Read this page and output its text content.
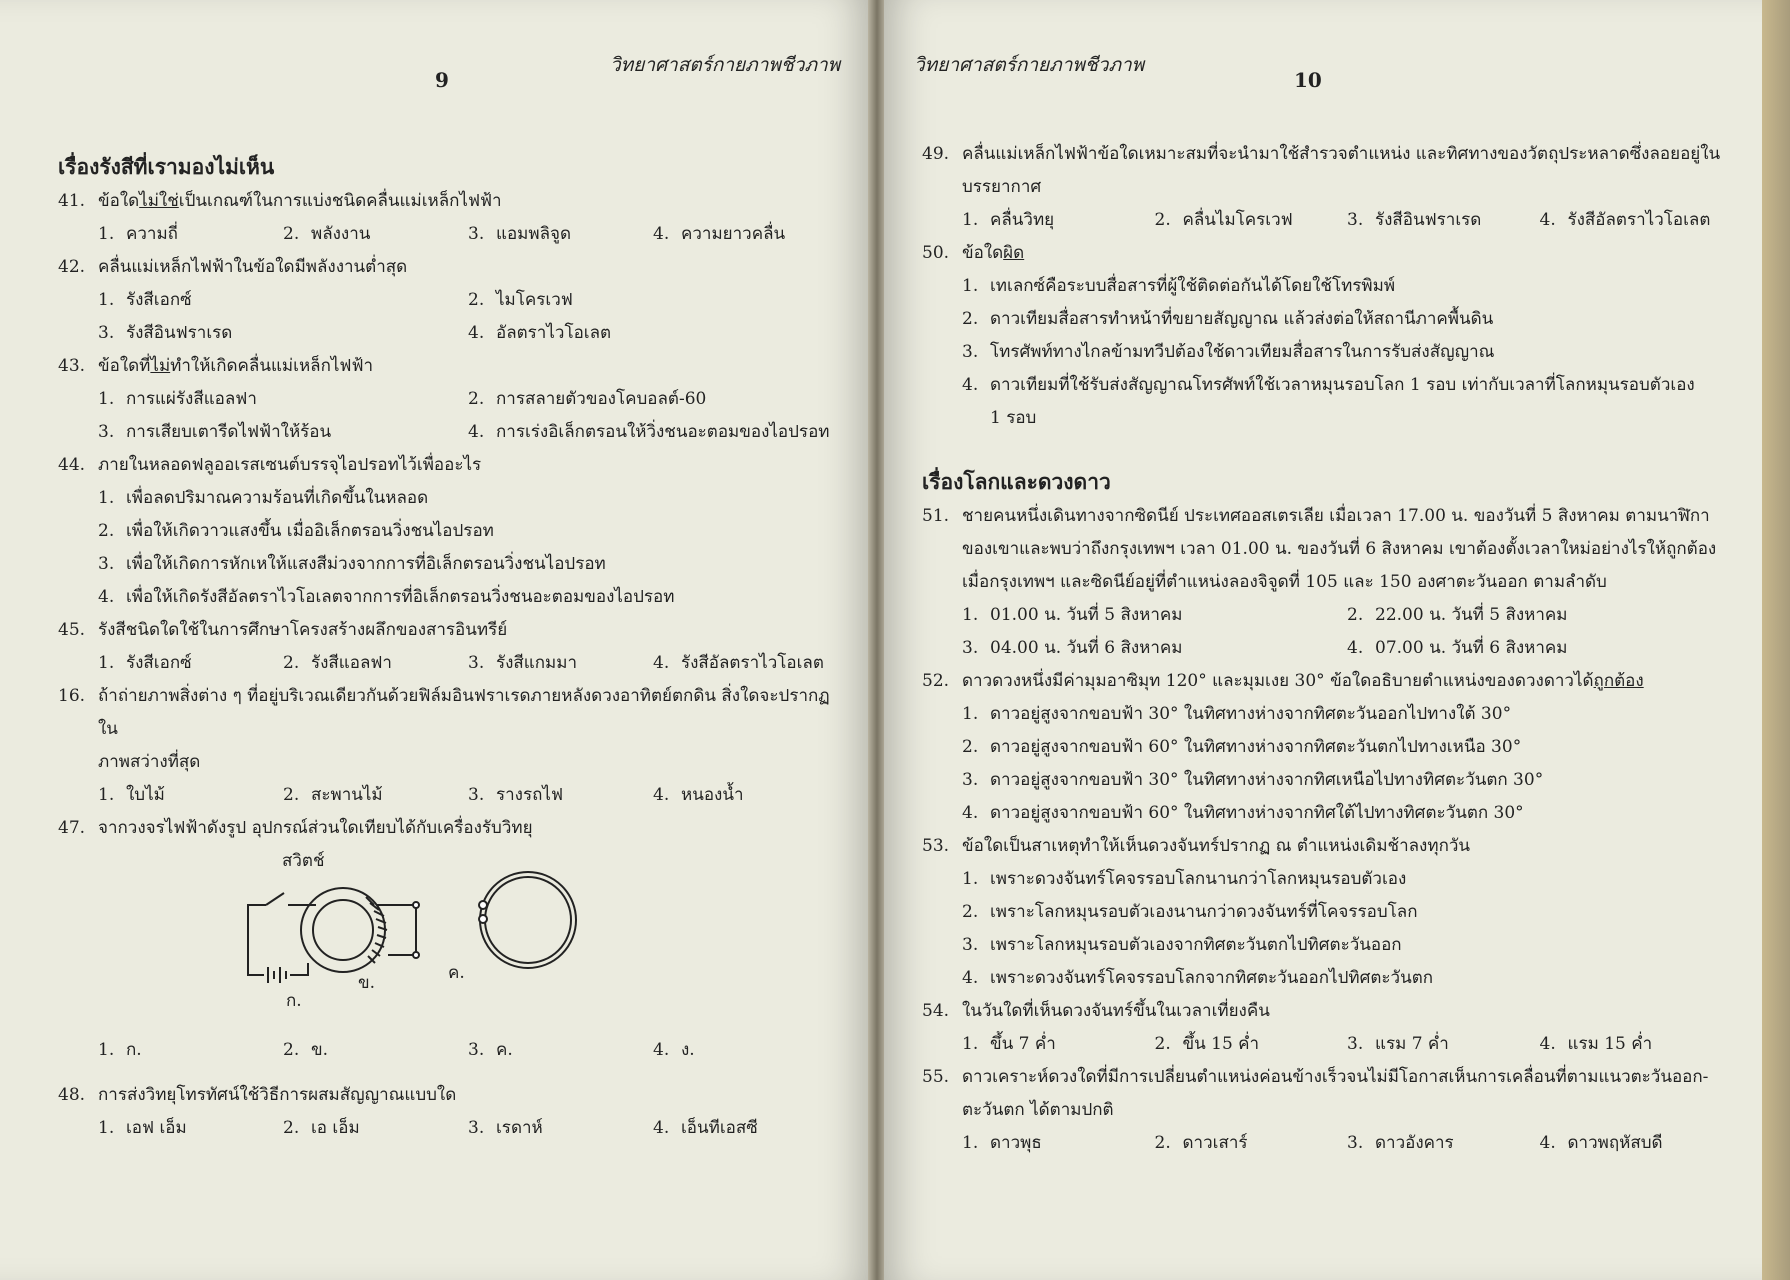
9
วิทยาศาสตร์กายภาพชีวภาพ
เรื่องรังสีที่เรามองไม่เห็น
41. ข้อใดไม่ใช่เป็นเกณฑ์ในการแบ่งชนิดคลื่นแม่เหล็กไฟฟ้า
1. ความถี่	2. พลังงาน	3. แอมพลิจูด	4. ความยาวคลื่น
42. คลื่นแม่เหล็กไฟฟ้าในข้อใดมีพลังงานต่ำสุด
1. รังสีเอกซ์	2. ไมโครเวฟ
3. รังสีอินฟราเรด	4. อัลตราไวโอเลต
43. ข้อใดที่ไม่ทำให้เกิดคลื่นแม่เหล็กไฟฟ้า
1. การแผ่รังสีแอลฟา	2. การสลายตัวของโคบอลต์-60
3. การเสียบเตารีดไฟฟ้าให้ร้อน	4. การเร่งอิเล็กตรอนให้วิ่งชนอะตอมของไอปรอท
44. ภายในหลอดฟลูออเรสเซนต์บรรจุไอปรอทไว้เพื่ออะไร
1. เพื่อลดปริมาณความร้อนที่เกิดขึ้นในหลอด
2. เพื่อให้เกิดวาวแสงขึ้น เมื่ออิเล็กตรอนวิ่งชนไอปรอท
3. เพื่อให้เกิดการหักเหให้แสงสีม่วงจากการที่อิเล็กตรอนวิ่งชนไอปรอท
4. เพื่อให้เกิดรังสีอัลตราไวโอเลตจากการที่อิเล็กตรอนวิ่งชนอะตอมของไอปรอท
45. รังสีชนิดใดใช้ในการศึกษาโครงสร้างผลึกของสารอินทรีย์
1. รังสีเอกซ์	2. รังสีแอลฟา	3. รังสีแกมมา	4. รังสีอัลตราไวโอเลต
16. ถ้าถ่ายภาพสิ่งต่าง ๆ ที่อยู่บริเวณเดียวกันด้วยฟิล์มอินฟราเรดภายหลังดวงอาทิตย์ตกดิน สิ่งใดจะปรากฏใน
ภาพสว่างที่สุด
1. ใบไม้	2. สะพานไม้	3. รางรถไฟ	4. หนองน้ำ
47. จากวงจรไฟฟ้าดังรูป อุปกรณ์ส่วนใดเทียบได้กับเครื่องรับวิทยุ
สวิตช์
ก.
ข.	ค.
1. ก.	2. ข.	3. ค.	4. ง.
48. การส่งวิทยุโทรทัศน์ใช้วิธีการผสมสัญญาณแบบใด
1. เอฟ เอ็ม	2. เอ เอ็ม	3. เรดาห์	4. เอ็นทีเอสซี
วิทยาศาสตร์กายภาพชีวภาพ
10
49. คลื่นแม่เหล็กไฟฟ้าข้อใดเหมาะสมที่จะนำมาใช้สำรวจตำแหน่ง และทิศทางของวัตถุประหลาดซึ่งลอยอยู่ใน
บรรยากาศ
1. คลื่นวิทยุ	2. คลื่นไมโครเวฟ	3. รังสีอินฟราเรด	4. รังสีอัลตราไวโอเลต
50. ข้อใดผิด
1. เทเลกซ์คือระบบสื่อสารที่ผู้ใช้ติดต่อกันได้โดยใช้โทรพิมพ์
2. ดาวเทียมสื่อสารทำหน้าที่ขยายสัญญาณ แล้วส่งต่อให้สถานีภาคพื้นดิน
3. โทรศัพท์ทางไกลข้ามทวีปต้องใช้ดาวเทียมสื่อสารในการรับส่งสัญญาณ
4. ดาวเทียมที่ใช้รับส่งสัญญาณโทรศัพท์ใช้เวลาหมุนรอบโลก 1 รอบ เท่ากับเวลาที่โลกหมุนรอบตัวเอง
1 รอบ
เรื่องโลกและดวงดาว
51. ชายคนหนึ่งเดินทางจากซิดนีย์ ประเทศออสเตรเลีย เมื่อเวลา 17.00 น. ของวันที่ 5 สิงหาคม ตามนาฬิกา
ของเขาและพบว่าถึงกรุงเทพฯ เวลา 01.00 น. ของวันที่ 6 สิงหาคม เขาต้องตั้งเวลาใหม่อย่างไรให้ถูกต้อง
เมื่อกรุงเทพฯ และซิดนีย์อยู่ที่ตำแหน่งลองจิจูดที่ 105 และ 150 องศาตะวันออก ตามลำดับ
1. 01.00 น. วันที่ 5 สิงหาคม	2. 22.00 น. วันที่ 5 สิงหาคม
3. 04.00 น. วันที่ 6 สิงหาคม	4. 07.00 น. วันที่ 6 สิงหาคม
52. ดาวดวงหนึ่งมีค่ามุมอาซิมุท 120° และมุมเงย 30° ข้อใดอธิบายตำแหน่งของดวงดาวได้ถูกต้อง
1. ดาวอยู่สูงจากขอบฟ้า 30° ในทิศทางห่างจากทิศตะวันออกไปทางใต้ 30°
2. ดาวอยู่สูงจากขอบฟ้า 60° ในทิศทางห่างจากทิศตะวันตกไปทางเหนือ 30°
3. ดาวอยู่สูงจากขอบฟ้า 30° ในทิศทางห่างจากทิศเหนือไปทางทิศตะวันตก 30°
4. ดาวอยู่สูงจากขอบฟ้า 60° ในทิศทางห่างจากทิศใต้ไปทางทิศตะวันตก 30°
53. ข้อใดเป็นสาเหตุทำให้เห็นดวงจันทร์ปรากฏ ณ ตำแหน่งเดิมช้าลงทุกวัน
1. เพราะดวงจันทร์โคจรรอบโลกนานกว่าโลกหมุนรอบตัวเอง
2. เพราะโลกหมุนรอบตัวเองนานกว่าดวงจันทร์ที่โคจรรอบโลก
3. เพราะโลกหมุนรอบตัวเองจากทิศตะวันตกไปทิศตะวันออก
4. เพราะดวงจันทร์โคจรรอบโลกจากทิศตะวันออกไปทิศตะวันตก
54. ในวันใดที่เห็นดวงจันทร์ขึ้นในเวลาเที่ยงคืน
1. ขึ้น 7 ค่ำ	2. ขึ้น 15 ค่ำ	3. แรม 7 ค่ำ	4. แรม 15 ค่ำ
55. ดาวเคราะห์ดวงใดที่มีการเปลี่ยนตำแหน่งค่อนข้างเร็วจนไม่มีโอกาสเห็นการเคลื่อนที่ตามแนวตะวันออก-
ตะวันตก ได้ตามปกติ
1. ดาวพุธ	2. ดาวเสาร์	3. ดาวอังคาร	4. ดาวพฤหัสบดี
